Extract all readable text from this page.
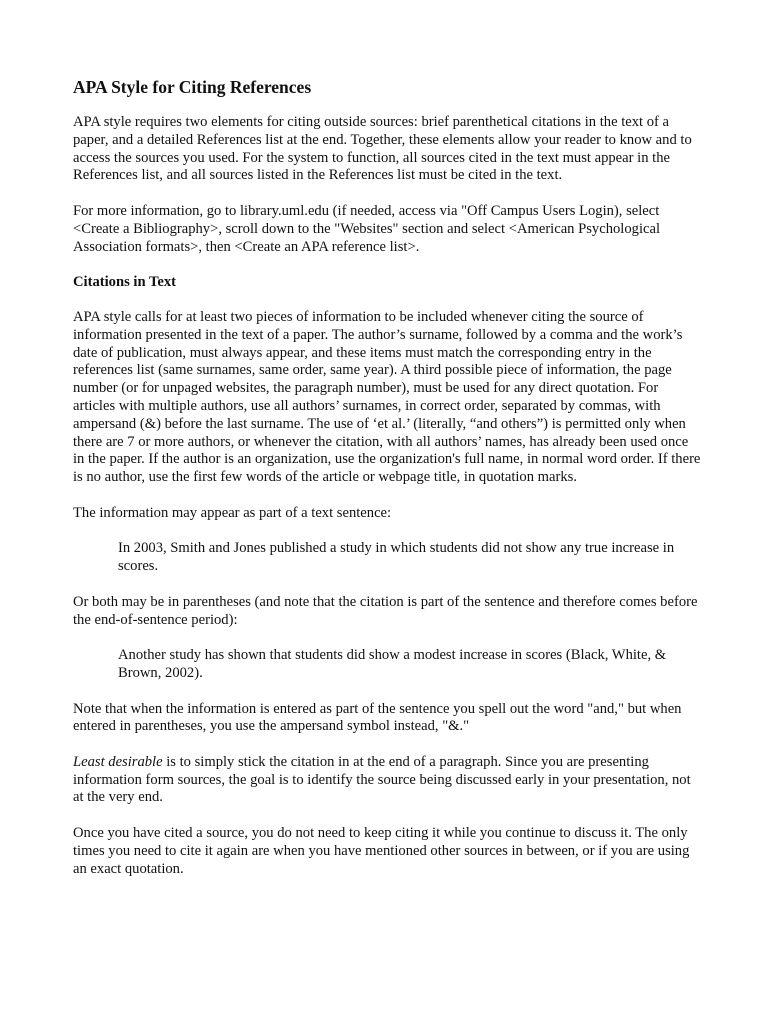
APA Style for Citing References

APA style requires two elements for citing outside sources: brief parenthetical citations in the text of a paper, and a detailed References list at the end. Together, these elements allow your reader to know and to access the sources you used. For the system to function, all sources cited in the text must appear in the References list, and all sources listed in the References list must be cited in the text.

For more information, go to library.uml.edu (if needed, access via "Off Campus Users Login), select <Create a Bibliography>, scroll down to the "Websites" section and select <American Psychological Association formats>, then <Create an APA reference list>.

Citations in Text

APA style calls for at least two pieces of information to be included whenever citing the source of information presented in the text of a paper. The author’s surname, followed by a comma and the work’s date of publication, must always appear, and these items must match the corresponding entry in the references list (same surnames, same order, same year). A third possible piece of information, the page number (or for unpaged websites, the paragraph number), must be used for any direct quotation. For articles with multiple authors, use all authors’ surnames, in correct order, separated by commas, with ampersand (&) before the last surname. The use of ‘et al.’ (literally, “and others”) is permitted only when there are 7 or more authors, or whenever the citation, with all authors’ names, has already been used once in the paper. If the author is an organization, use the organization's full name, in normal word order. If there is no author, use the first few words of the article or webpage title, in quotation marks.

The information may appear as part of a text sentence:

In 2003, Smith and Jones published a study in which students did not show any true increase in scores.

Or both may be in parentheses (and note that the citation is part of the sentence and therefore comes before the end-of-sentence period):

Another study has shown that students did show a modest increase in scores (Black, White, & Brown, 2002).

Note that when the information is entered as part of the sentence you spell out the word "and," but when entered in parentheses, you use the ampersand symbol instead, "&."

Least desirable is to simply stick the citation in at the end of a paragraph. Since you are presenting information form sources, the goal is to identify the source being discussed early in your presentation, not at the very end.

Once you have cited a source, you do not need to keep citing it while you continue to discuss it. The only times you need to cite it again are when you have mentioned other sources in between, or if you are using an exact quotation.
